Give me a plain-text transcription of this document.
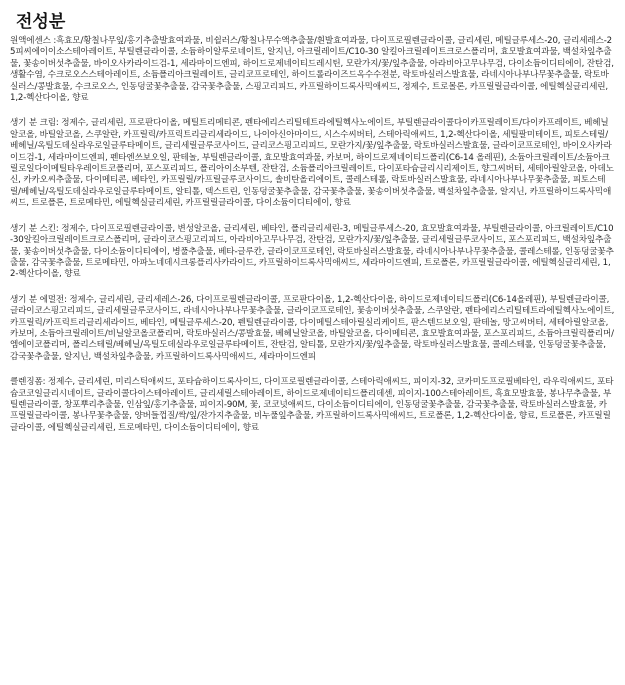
전성분
원액에센스 :흑효모/황칠나무잎/홍기추출발효여과물, 비쉴러스/황칠나무수액추출물/흰발효여과물, 다이프로필렌글라이콜, 글리세린, 메틸글루세스-20, 글리세레스-25피씨에이이소스테아레이트, 부틸렌글라이콜, 소듐하이알루로네이트, 알지닌, 아크릴레이트/C10-30 알킬아크릴레이트크로스폴리머, 효모발효여과물, 백설차잎추출물, 꽃송이버섯추출물, 바이오사카라이드검-1, 세라마이드엔피, 하이드로제네이티드레시틴, 모란가지/꽃/잎추출물, 아라비아고무나무검, 다이소듐이디티에이, 잔탄검, 생활수염, 수크로오스스테아레이트, 소듐폴리아크릴레이트, 글리코프로테인, 하이드롤라이즈드옥수수전분, 락토바실러스발효물, 라네시아나부나무꽃추출물, 락토바실러스/콩발효물, 수크로오스, 인동덩굴꽃추출물, 감국꽃추출물, 스핑고리피드, 카프릴하이드록사믹애씨드, 정제수, 트로몰론, 카프릴릴글라이콜, 에틸헥실글리세린, 1,2-헥산다이올, 향료
생기 분 크림: 정제수, 글리세린, 프로판다이올, 메틸트리메티콘, 펜타에리스리틸테트라에틸헥사노에이트, 부틸렌글라이콜다이카프릴레이트/다이카프레이트, 베헤닐알코올, 바틸알코올, 스쿠알란, 카프릴릭/카프릭트리글리세라이드, 나이아신아마이드, 시스수씨버터, 스테아릭애씨드, 1,2-헥산다이올, 세틸팔미테이트, 피토스테릴/베헤닐/옥틸도데실라우로일글루타메이트, 글리세릴글루코사이드, 글리코스핑고리피드, 모란가지/꽃/잎추출물, 락토바실러스발효물, 글라이코프로테인, 바이오사카라이드검-1, 세라마이드엔피, 펜타엔쓰보오일, 판테놀, 부틸렌글라이콜, 효모발효여과물, 카보머, 하이드로제네이티드폴리(C6-14 올레핀), 소듐아크릴레이트/소듐아크릴로일다이메틸타우레이트코폴리머, 포스포리피드, 폴리아이소부텐, 잔탄검, 소듐폴리아크릴레이트, 다이포타슘글리시리제이트, 향그씨버터, 세테아릴알코올, 아데노신, 카카오씨추출물, 다이메티콘, 베타인, 카프릴릴/카프릴글루코사이드, 솔비탄올리에이트, 콜레스테롤, 락토바실러스발효물, 라네시아나부나무꽃추출물, 피토스테릴/베헤닐/옥틸도데실라우로일글루타메이트, 알티톨, 덱스트린, 인동덩굴꽃추출물, 감국꽃추출물, 꽃송이버섯추출물, 백설차잎추출물, 알지닌, 카프릴하이드록사믹애씨드, 트로폴론, 트로메타민, 에틸헥실글리세린, 카프릴릴글라이콜, 다이소듐이디티에이, 향료
생기 분 스킨: 정제수, 다이프로필렌글라이콜, 변성알코올, 글리세린, 베타인, 폴리글리세린-3, 메틸글루세스-20, 효모발효여과물, 부틸렌글라이콜, 아크릴레이트/C10-30알킬아크릴레이트크로스폴리머, 글라이코스핑고리피드, 아라비아고무나무검, 잔탄검, 모란가지/꽃/잎추출물, 글리세릴글루코사이드, 포스포리피드, 백설차잎추출물, 꽃송이버섯추출물, 다이소듐이디티에이, 병풀추출물, 베타-글루칸, 글라이코프로테인, 락토바실러스발효물, 라네시아나부나무꽃추출물, 콜레스테롤, 인동덩굴꽃추출물, 감국꽃추출물, 트로메타민, 아파노네데시크롱플리사카라이드, 카프릴하이드록사믹애씨드, 세라마이드엔피, 트로폴론, 카프릴릴글라이콜, 에틸헥실글리세린, 1,2-헥산다이올, 향료
생기 분 에멀전: 정제수, 글리세린, 글리세레스-26, 다이프로필렌글라이콜, 프로판다이올, 1,2-헥산다이올, 하이드로제네이티드폴리(C6-14올레핀), 부틸렌글라이콜, 글라이코스핑고리피드, 글리세릴글루코사이드, 라네시아나부나무꽃추출물, 글라이코프로테인, 꽃송이버섯추출물, 스쿠알란, 펜타에리스리틸테트라에틸헥사노에이트, 카프릴릭/카프릭트리글리세라이드, 베타인, 메틸글루세스-20, 펜틸렌글라이콜, 다이메틸스테아릴실리케이트, 판스텐드보오일, 판테놀, 망고씨버터, 세테아릴알코올, 카보머, 소듐아크릴레이트/비닐알코올코폴리머, 락토바실러스/콩발효물, 베헤닐알코올, 바틸알코올, 다이메티콘, 효모발효여과물, 포스포리피드, 소듐아크릴릭폴리머/엠에이코폴리머, 폴리스테릴/베헤닐/옥틸도데실라우로일글루타메이트, 잔탄검, 알티톨, 모란가지/꽃/잎추출물, 락토바실러스발효물, 콜레스테롤, 인동덩굴꽃추출물, 감국꽃추출물, 알지닌, 백설차잎추출물, 카프릴하이드록사믹애씨드, 세라마이드엔피
클렌징폼: 정제수, 글리세린, 미리스틱애씨드, 포타슘하이드록사이드, 다이프로필렌글라이콜, 스테아릭애씨드, 피이지-32, 코카미도프로필베타인, 라우릭애씨드, 포타슘코코일글리시네이트, 글라이콜다이스테아레이트, 글리세릴스테아레이트, 하이드로제네이티드폴리데센, 피이지-100스테아레이트, 흑효모발효물, 봉나무추출물, 부틸렌글라이콜, 창포뿌리추출물, 인삼잎/홍기추출물, 피이지-90M, 꽃, 코코넛애씨드, 다이소듐이디티에이, 인동덩굴꽃추출물, 감국꽃추출물, 락토바실러스발효물, 카프릴릴글라이콜, 봉나무꽃추출물, 양버들껍질/싹/잎/잔가지추출물, 비누풀잎추출물, 카프릴하이드록사믹애씨드, 트로폴론, 1,2-헥산다이올, 향료, 트로폴론, 카프릴릴글라이콜, 에틸헥실글리세린, 트로메타민, 다이소듐이디티에이, 향료
